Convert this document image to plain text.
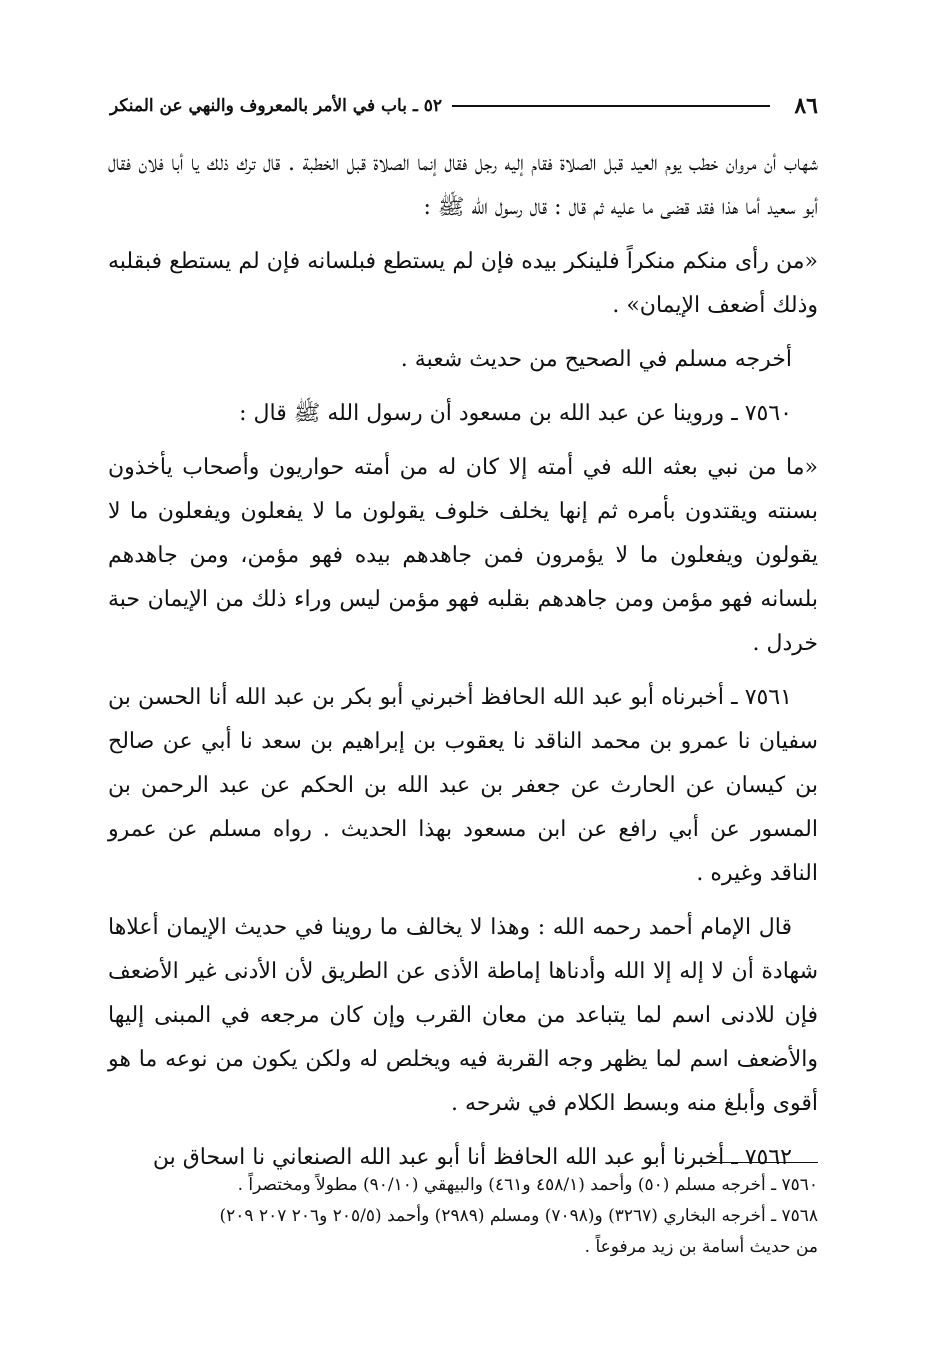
٨٦
٥٢ ـ باب في الأمر بالمعروف والنهي عن المنكر

شهاب أن مروان خطب يوم العيد قبل الصلاة فقام إليه رجل فقال إنما الصلاة قبل الخطبة . قال ترك ذلك يا أبا فلان فقال أبو سعيد أما هذا فقد قضى ما عليه ثم قال : قال رسول الله ﷺ :

«من رأى منكم منكراً فلينكر بيده فإن لم يستطع فبلسانه فإن لم يستطع فبقلبه وذلك أضعف الإيمان» .

أخرجه مسلم في الصحيح من حديث شعبة .

٧٥٦٠ ـ وروينا عن عبد الله بن مسعود أن رسول الله ﷺ قال :

«ما من نبي بعثه الله في أمته إلا كان له من أمته حواريون وأصحاب يأخذون بسنته ويقتدون بأمره ثم إنها يخلف خلوف يقولون ما لا يفعلون ويفعلون ما لا يقولون ويفعلون ما لا يؤمرون فمن جاهدهم بيده فهو مؤمن، ومن جاهدهم بلسانه فهو مؤمن ومن جاهدهم بقلبه فهو مؤمن ليس وراء ذلك من الإيمان حبة خردل .

٧٥٦١ ـ أخبرناه أبو عبد الله الحافظ أخبرني أبو بكر بن عبد الله أنا الحسن بن سفيان نا عمرو بن محمد الناقد نا يعقوب بن إبراهيم بن سعد نا أبي عن صالح بن كيسان عن الحارث عن جعفر بن عبد الله بن الحكم عن عبد الرحمن بن المسور عن أبي رافع عن ابن مسعود بهذا الحديث . رواه مسلم عن عمرو الناقد وغيره .

قال الإمام أحمد رحمه الله : وهذا لا يخالف ما روينا في حديث الإيمان أعلاها شهادة أن لا إله إلا الله وأدناها إماطة الأذى عن الطريق لأن الأدنى غير الأضعف فإن للادنى اسم لما يتباعد من معان القرب وإن كان مرجعه في المبنى إليها والأضعف اسم لما يظهر وجه القربة فيه ويخلص له ولكن يكون من نوعه ما هو أقوى وأبلغ منه وبسط الكلام في شرحه .

٧٥٦٢ ـ أخبرنا أبو عبد الله الحافظ أنا أبو عبد الله الصنعاني نا اسحاق بن

٧٥٦٠ ـ أخرجه مسلم (٥٠) وأحمد (٤٥٨/١ و٤٦١) والبيهقي (٩٠/١٠) مطولاً ومختصراً .

٧٥٦٨ ـ أخرجه البخاري (٣٢٦٧) و(٧٠٩٨) ومسلم (٢٩٨٩) وأحمد (٢٠٥/٥ و٢٠٦ ٢٠٧ ٢٠٩)

من حديث أسامة بن زيد مرفوعاً .
